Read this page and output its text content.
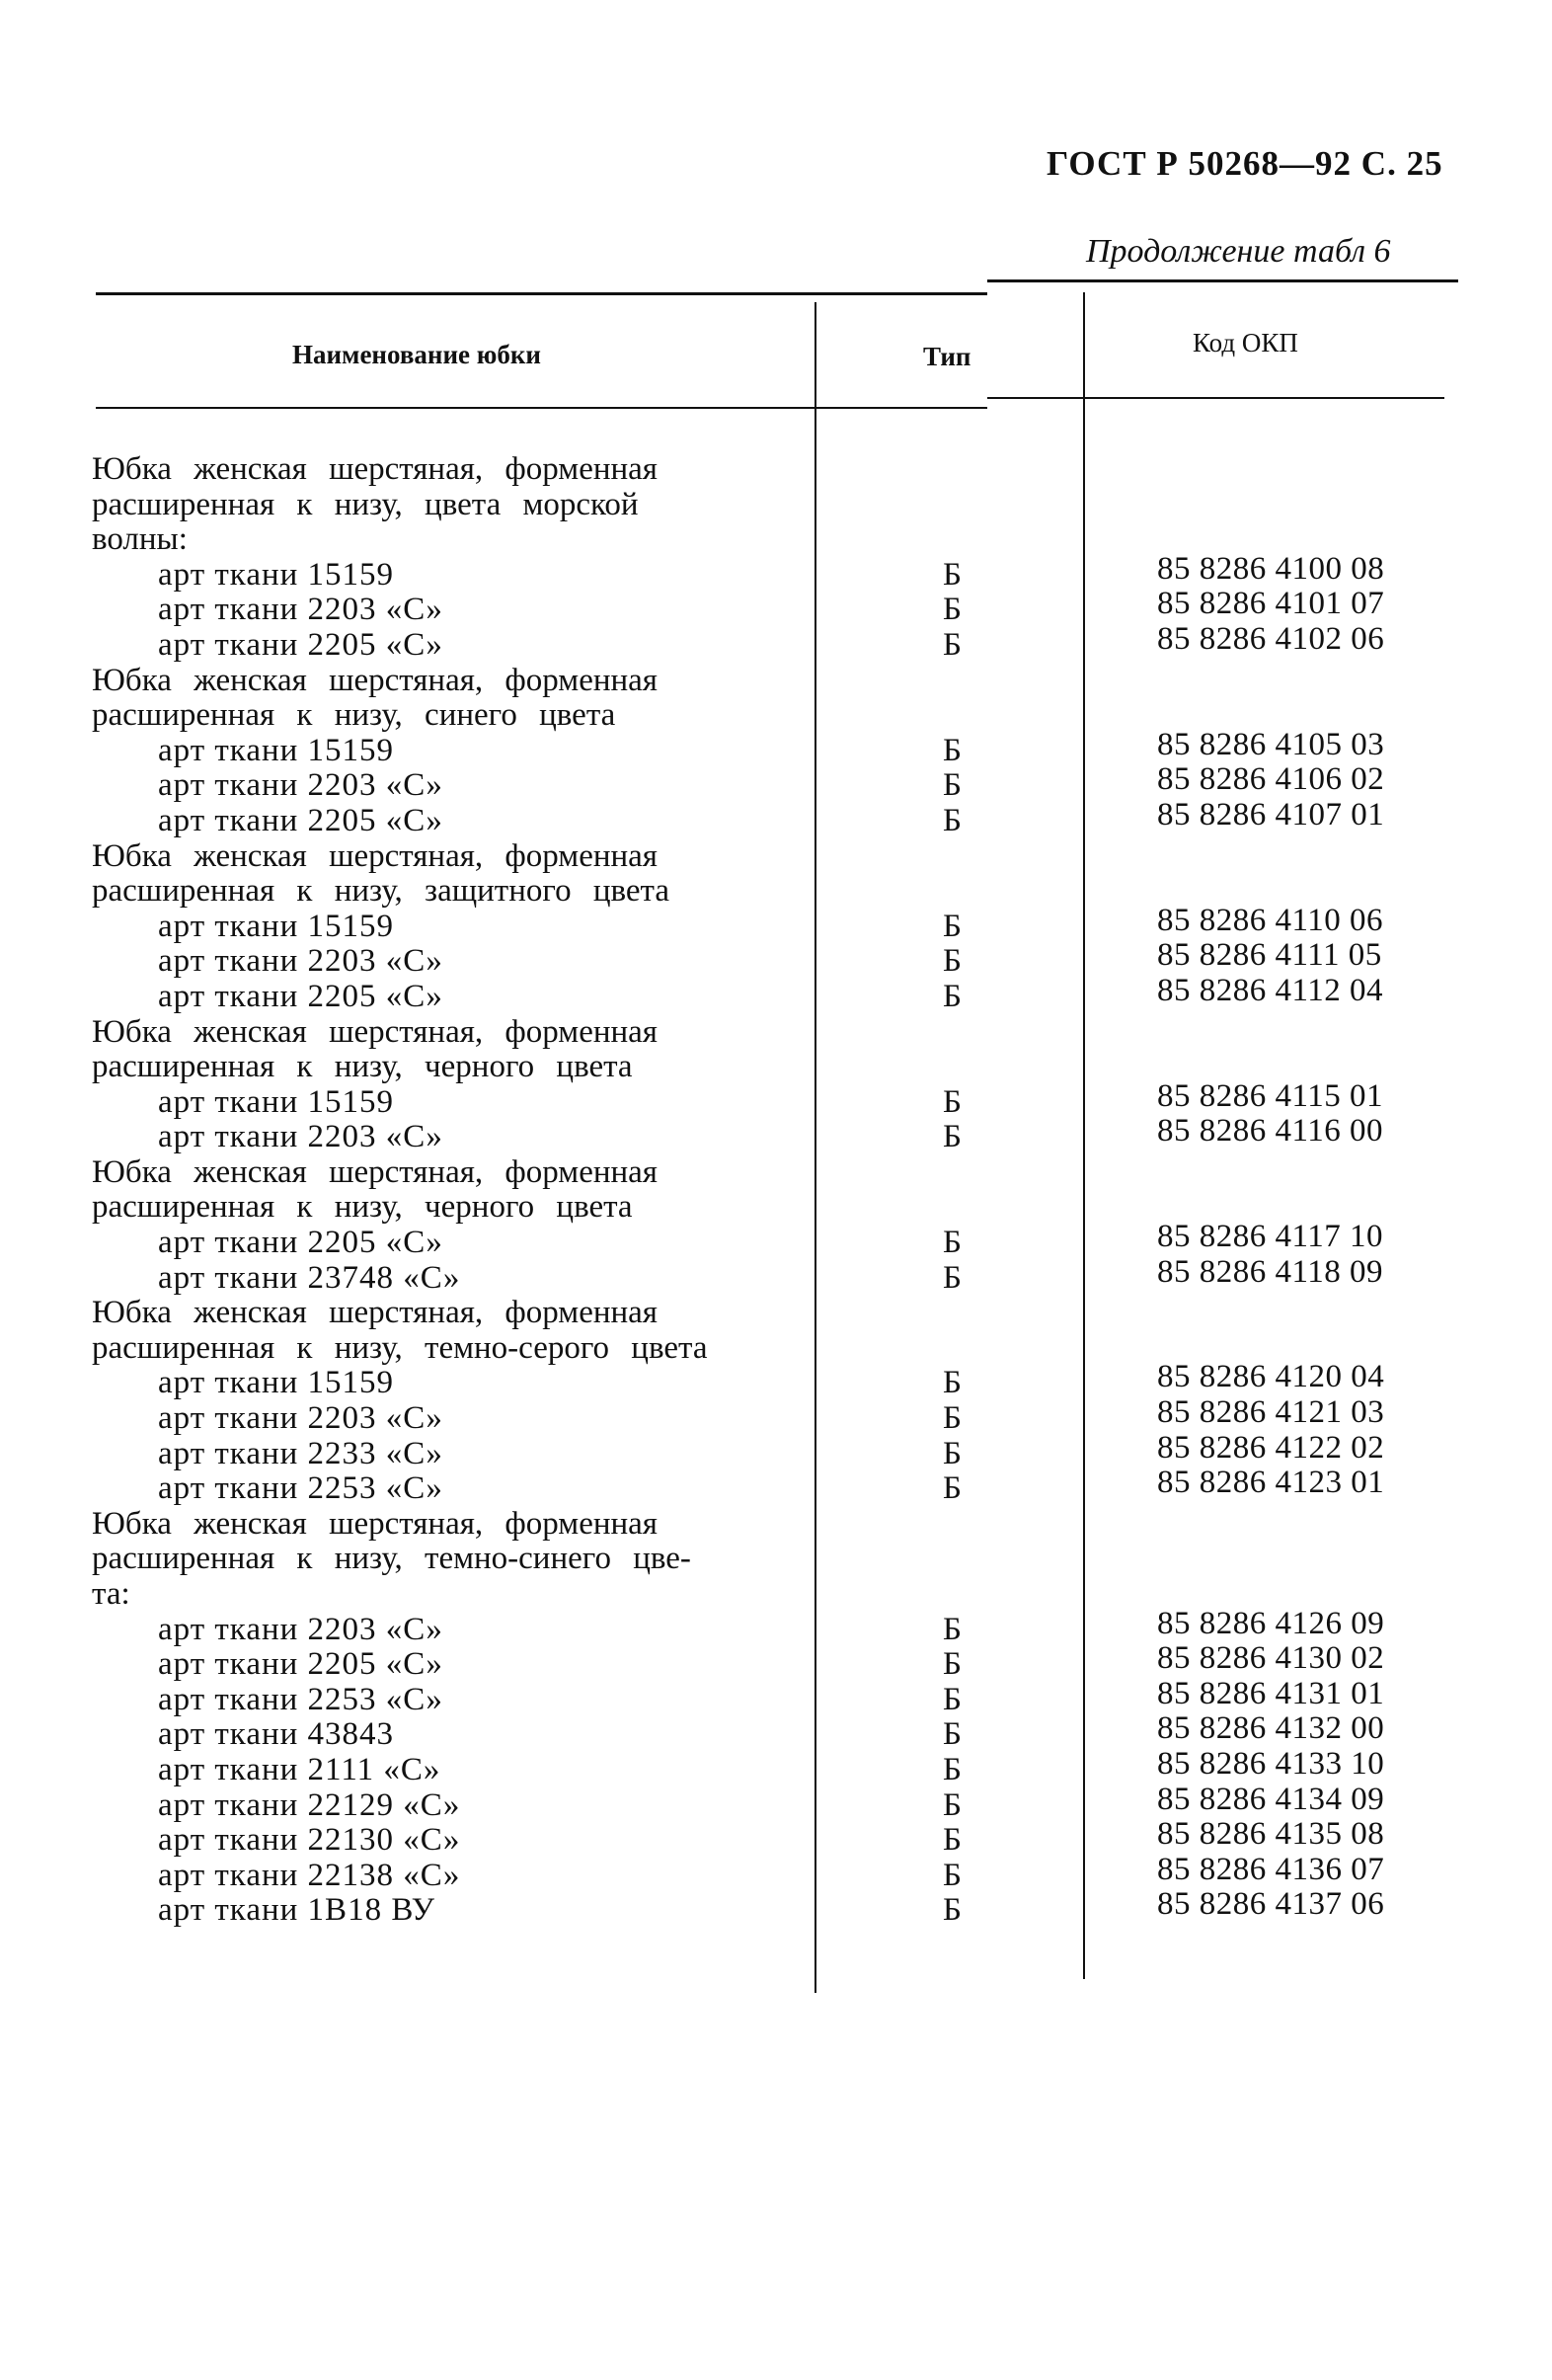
ГОСТ Р 50268—92 С. 25
Продолжение табл 6
Наименование юбки	Тип	Код ОКП
Юбка женская шерстяная, форменная
расширенная к низу, цвета морской
волны:
арт ткани 15159	Б	85 8286 4100 08
арт ткани 2203 «С»	Б	85 8286 4101 07
арт ткани 2205 «С»	Б	85 8286 4102 06
Юбка женская шерстяная, форменная
расширенная к низу, синего цвета
арт ткани 15159	Б	85 8286 4105 03
арт ткани 2203 «С»	Б	85 8286 4106 02
арт ткани 2205 «С»	Б	85 8286 4107 01
Юбка женская шерстяная, форменная
расширенная к низу, защитного цвета
арт ткани 15159	Б	85 8286 4110 06
арт ткани 2203 «С»	Б	85 8286 4111 05
арт ткани 2205 «С»	Б	85 8286 4112 04
Юбка женская шерстяная, форменная
расширенная к низу, черного цвета
арт ткани 15159	Б	85 8286 4115 01
арт ткани 2203 «С»	Б	85 8286 4116 00
Юбка женская шерстяная, форменная
расширенная к низу, черного цвета
арт ткани 2205 «С»	Б	85 8286 4117 10
арт ткани 23748 «С»	Б	85 8286 4118 09
Юбка женская шерстяная, форменная
расширенная к низу, темно-серого цвета
арт ткани 15159	Б	85 8286 4120 04
арт ткани 2203 «С»	Б	85 8286 4121 03
арт ткани 2233 «С»	Б	85 8286 4122 02
арт ткани 2253 «С»	Б	85 8286 4123 01
Юбка женская шерстяная, форменная
расширенная к низу, темно-синего цве-
та:
арт ткани 2203 «С»	Б	85 8286 4126 09
арт ткани 2205 «С»	Б	85 8286 4130 02
арт ткани 2253 «С»	Б	85 8286 4131 01
арт ткани 43843	Б	85 8286 4132 00
арт ткани 2111 «С»	Б	85 8286 4133 10
арт ткани 22129 «С»	Б	85 8286 4134 09
арт ткани 22130 «С»	Б	85 8286 4135 08
арт ткани 22138 «С»	Б	85 8286 4136 07
арт ткани 1В18 ВУ	Б	85 8286 4137 06
